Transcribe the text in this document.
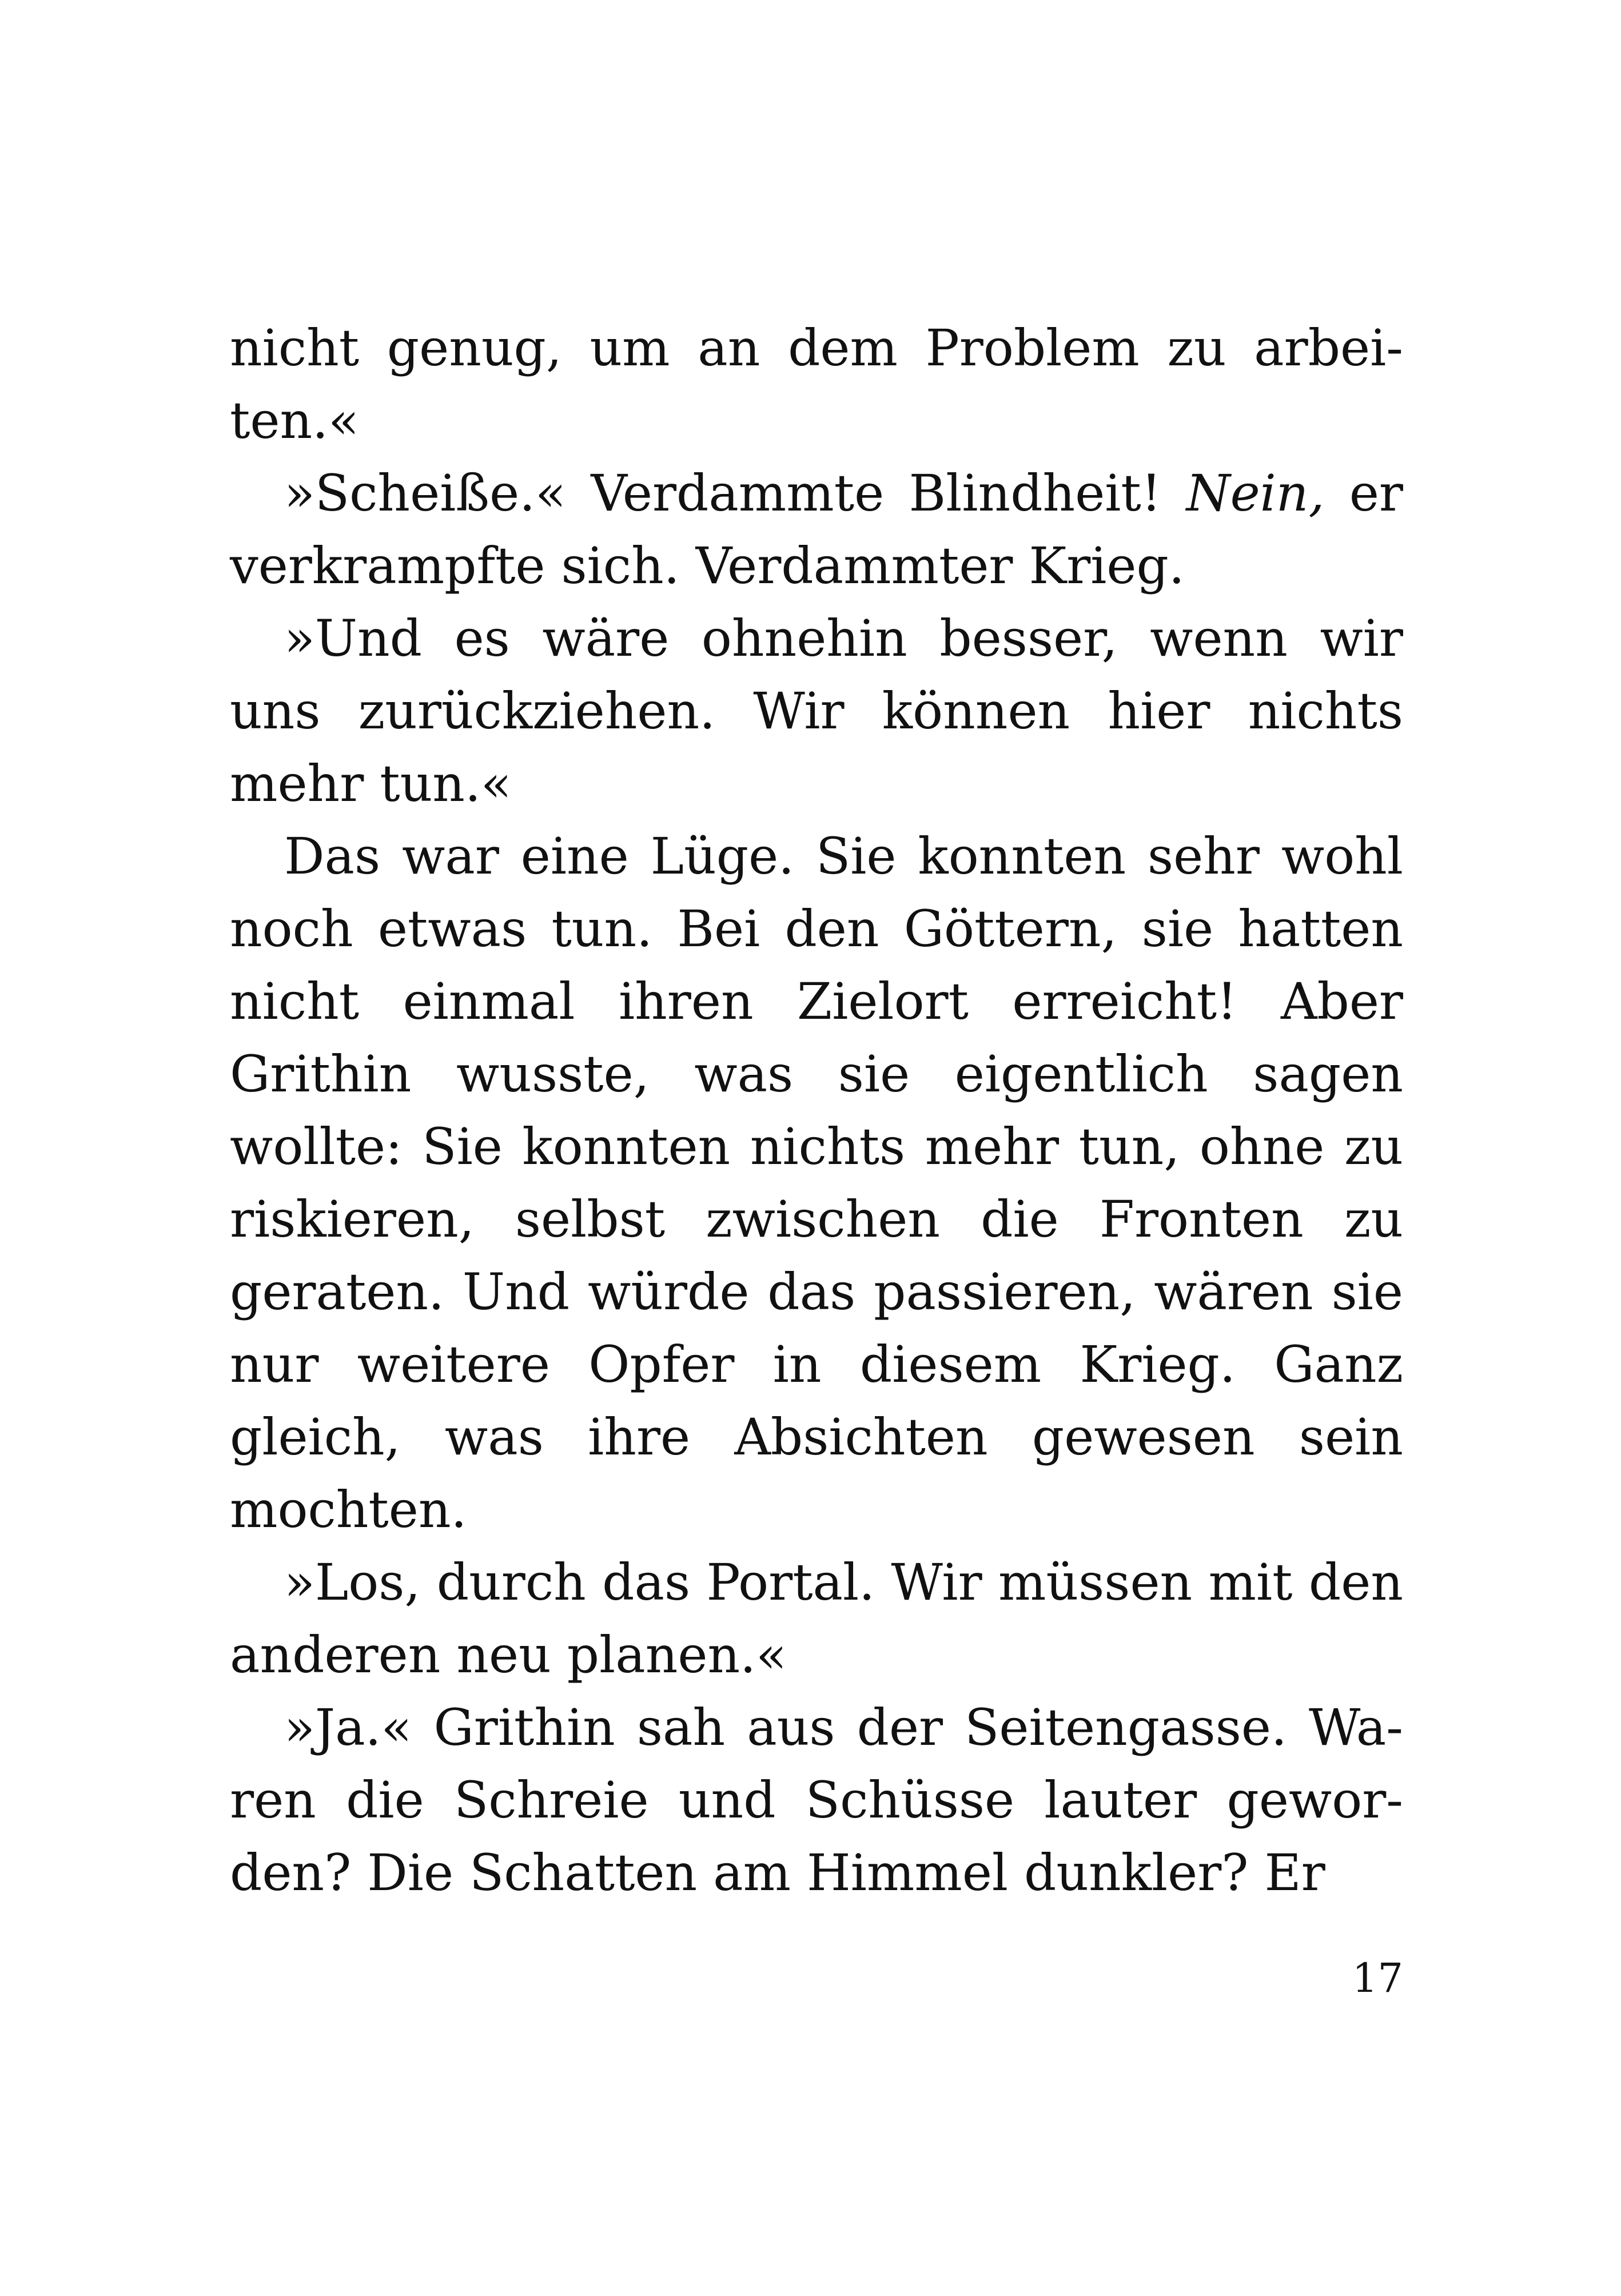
nicht genug, um an dem Problem zu arbei-ten.«

»Scheiße.« Verdammte Blindheit! Nein, er verkrampfte sich. Verdammter Krieg.

»Und es wäre ohnehin besser, wenn wir uns zurückziehen. Wir können hier nichts mehr tun.«

Das war eine Lüge. Sie konnten sehr wohl noch etwas tun. Bei den Göttern, sie hatten nicht einmal ihren Zielort erreicht! Aber Grithin wusste, was sie eigentlich sagen wollte: Sie konnten nichts mehr tun, ohne zu riskieren, selbst zwischen die Fronten zu geraten. Und würde das passieren, wären sie nur weitere Opfer in diesem Krieg. Ganz gleich, was ihre Absichten gewesen sein mochten.

»Los, durch das Portal. Wir müssen mit den anderen neu planen.«

»Ja.« Grithin sah aus der Seitengasse. Wa-ren die Schreie und Schüsse lauter gewor-den? Die Schatten am Himmel dunkler? Er

17
